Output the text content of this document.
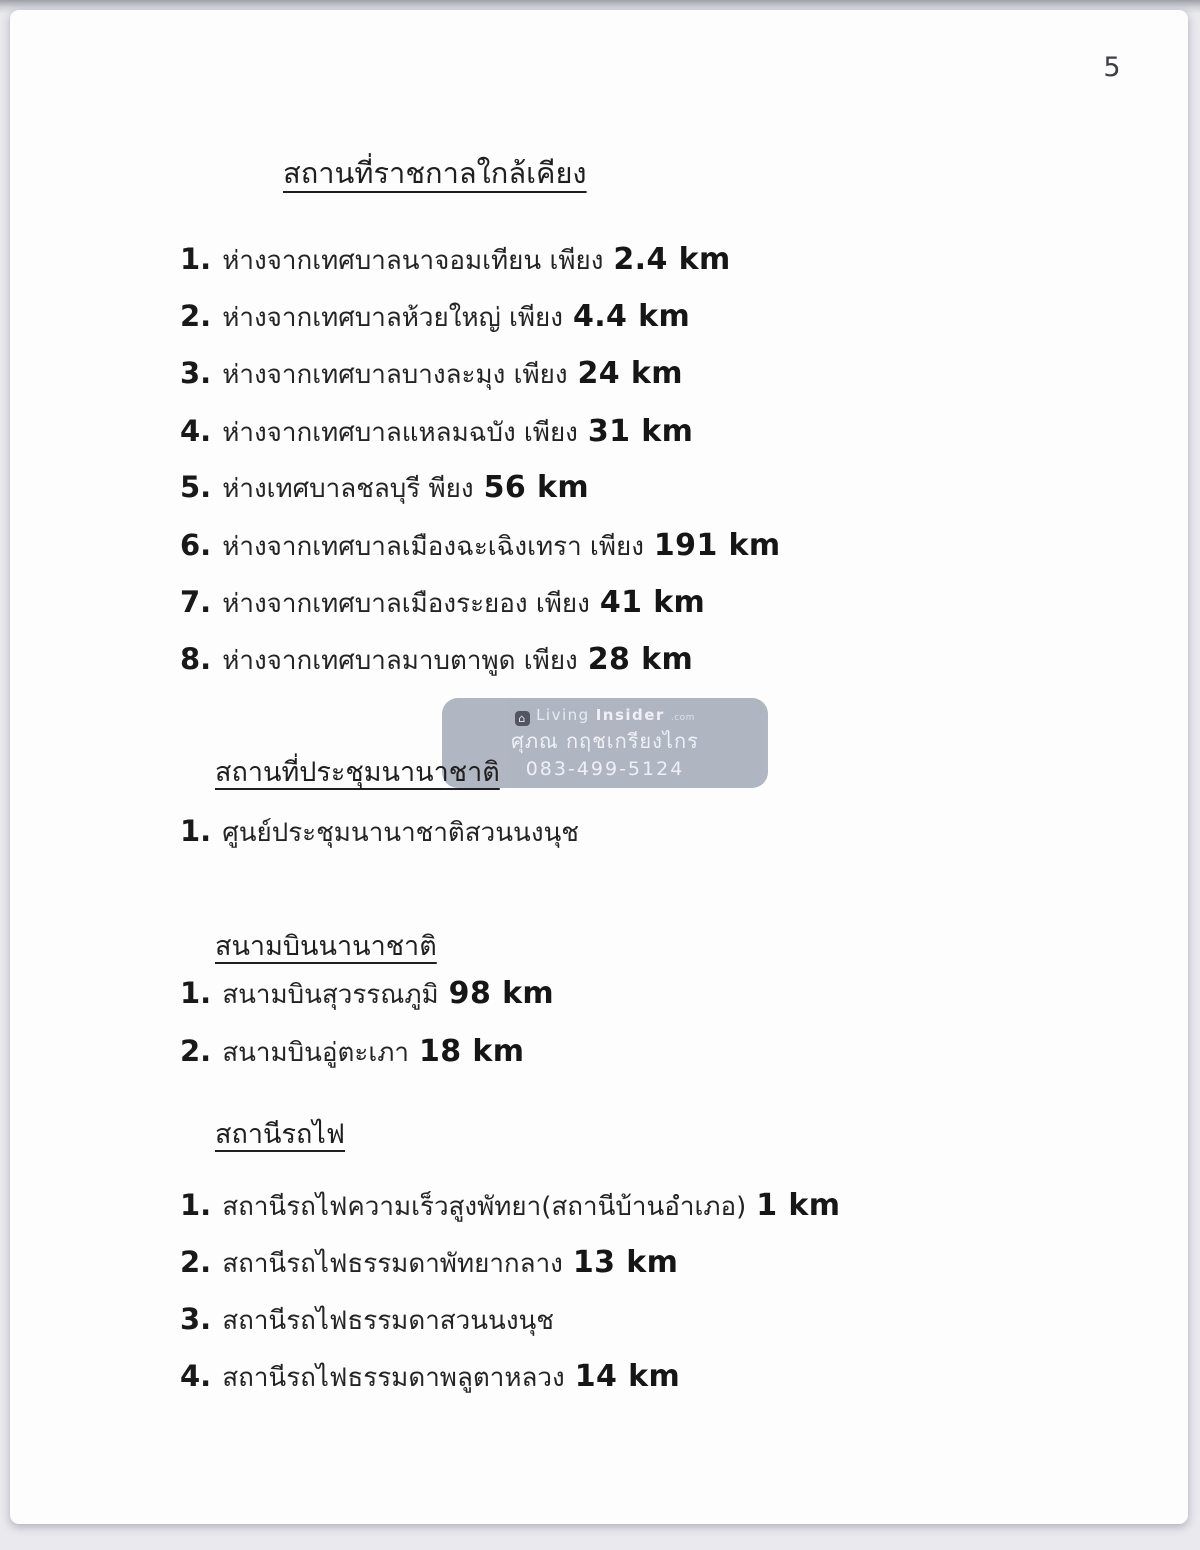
5
⌂ Living Insider .com
ศุภณ กฤชเกรียงไกร
083-499-5124
สถานที่ราชกาลใกล้เคียง
1. ห่างจากเทศบาลนาจอมเทียน เพียง 2.4 km
2. ห่างจากเทศบาลห้วยใหญ่ เพียง 4.4 km
3. ห่างจากเทศบาลบางละมุง เพียง 24 km
4. ห่างจากเทศบาลแหลมฉบัง เพียง 31 km
5. ห่างเทศบาลชลบุรี พียง 56 km
6. ห่างจากเทศบาลเมืองฉะเฉิงเทรา เพียง 191 km
7. ห่างจากเทศบาลเมืองระยอง เพียง 41 km
8. ห่างจากเทศบาลมาบตาพูด เพียง 28 km
สถานที่ประชุมนานาชาติ
1. ศูนย์ประชุมนานาชาติสวนนงนุช
สนามบินนานาชาติ
1. สนามบินสุวรรณภูมิ 98 km
2. สนามบินอู่ตะเภา 18 km
สถานีรถไฟ
1. สถานีรถไฟความเร็วสูงพัทยา(สถานีบ้านอำเภอ) 1 km
2. สถานีรถไฟธรรมดาพัทยากลาง 13 km
3. สถานีรถไฟธรรมดาสวนนงนุช
4. สถานีรถไฟธรรมดาพลูตาหลวง 14 km
